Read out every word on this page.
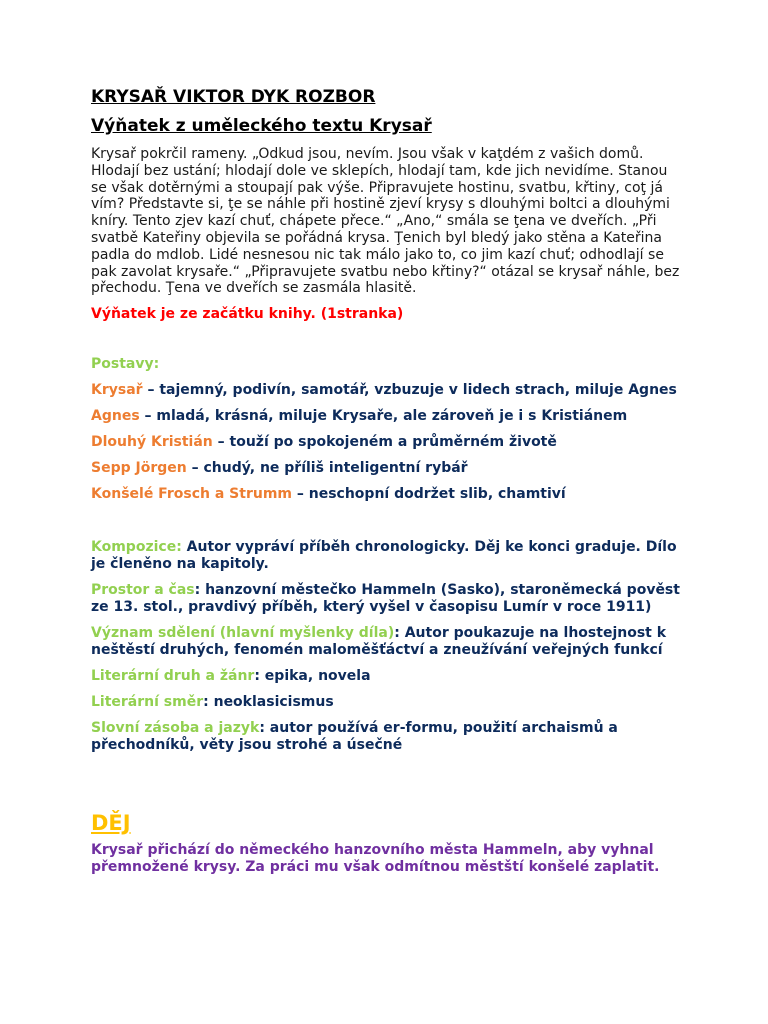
KRYSAŘ VIKTOR DYK ROZBOR
Výňatek z uměleckého textu Krysař

Krysař pokrčil rameny. „Odkud jsou, nevím. Jsou však v kaţdém z vašich domů. Hlodají bez ustání; hlodají dole ve sklepích, hlodají tam, kde jich nevidíme. Stanou se však dotěrnými a stoupají pak výše. Připravujete hostinu, svatbu, křtiny, coţ já vím? Představte si, ţe se náhle při hostině zjeví krysy s dlouhými boltci a dlouhými kníry. Tento zjev kazí chuť, chápete přece.“ „Ano,“ smála se ţena ve dveřích. „Při svatbě Kateřiny objevila se pořádná krysa. Ţenich byl bledý jako stěna a Kateřina padla do mdlob. Lidé nesnesou nic tak málo jako to, co jim kazí chuť; odhodlají se pak zavolat krysaře.“ „Připravujete svatbu nebo křtiny?“ otázal se krysař náhle, bez přechodu. Ţena ve dveřích se zasmála hlasitě.

Výňatek je ze začátku knihy. (1stranka)

Postavy:

Krysař – tajemný, podivín, samotář, vzbuzuje v lidech strach, miluje Agnes

Agnes – mladá, krásná, miluje Krysaře, ale zároveň je i s Kristiánem

Dlouhý Kristián – touží po spokojeném a průměrném životě

Sepp Jörgen – chudý, ne příliš inteligentní rybář

Konšelé Frosch a Strumm – neschopní dodržet slib, chamtiví

Kompozice: Autor vypráví příběh chronologicky. Děj ke konci graduje. Dílo je členěno na kapitoly.

Prostor a čas: hanzovní městečko Hammeln (Sasko), staroněmecká pověst ze 13. stol., pravdivý příběh, který vyšel v časopisu Lumír v roce 1911)

Význam sdělení (hlavní myšlenky díla): Autor poukazuje na lhostejnost k neštěstí druhých, fenomén maloměšťáctví a zneužívání veřejných funkcí

Literární druh a žánr: epika, novela

Literární směr: neoklasicismus

Slovní zásoba a jazyk: autor používá er-formu, použití archaismů a přechodníků, věty jsou strohé a úsečné

DĚJ

Krysař přichází do německého hanzovního města Hammeln, aby vyhnal přemnožené krysy. Za práci mu však odmítnou městští konšelé zaplatit.
